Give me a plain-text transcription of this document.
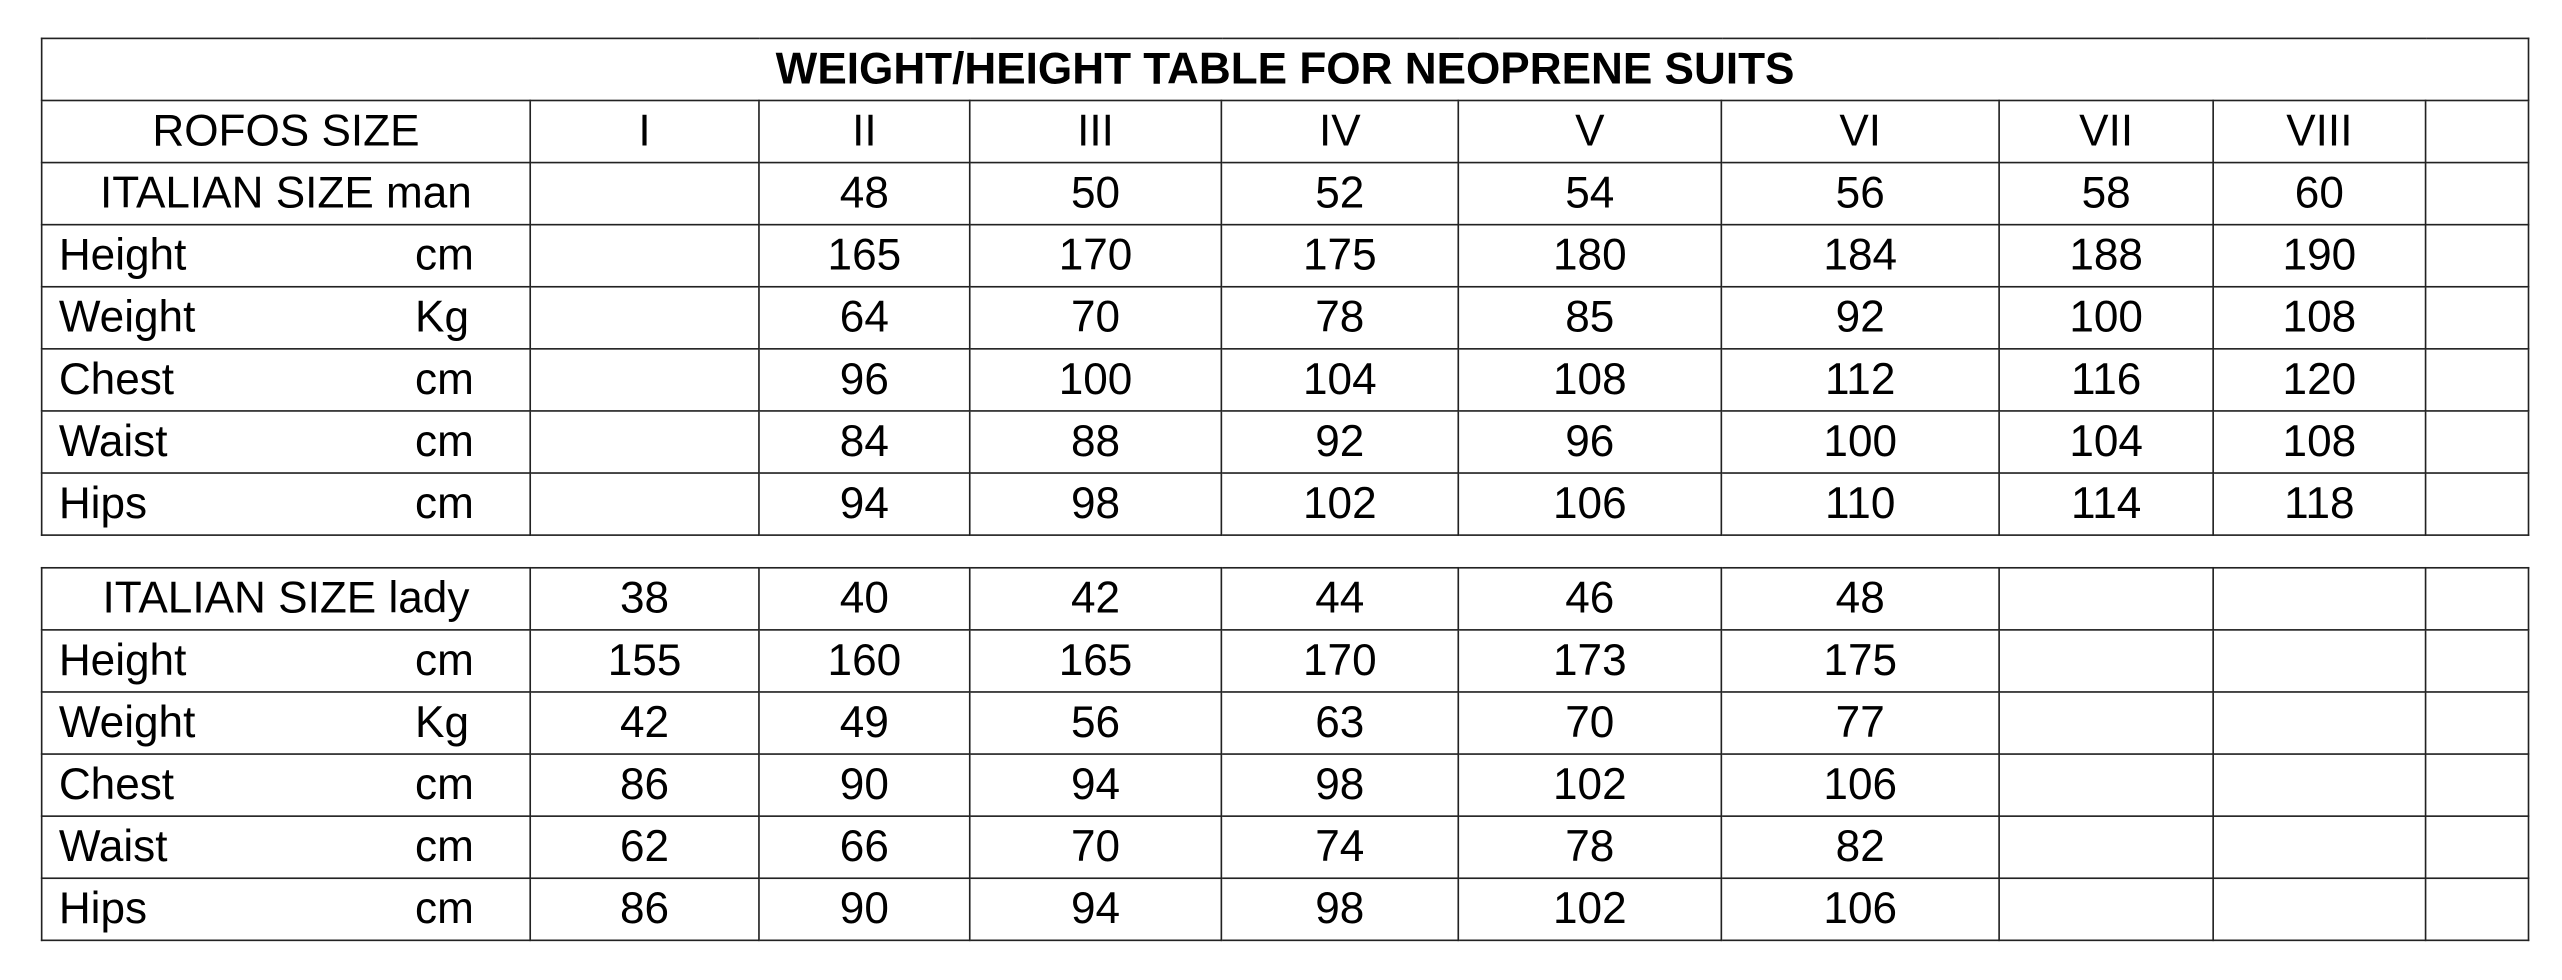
WEIGHT/HEIGHT TABLE FOR NEOPRENE SUITS									
ROFOS SIZE	I	II	III	IV	V	VI	VII	VIII	
ITALIAN SIZE man		48	50	52	54	56	58	60	

Height cm		165	170	175	180	184	188	190	

Weight Kg		64	70	78	85	92	100	108	

Chest cm		96	100	104	108	112	116	120	

Waist cm		84	88	92	96	100	104	108	

Hips cm		94	98	102	106	110	114	118	
ITALIAN SIZE lady	38	40	42	44	46	48			

Height cm	155	160	165	170	173	175			

Weight Kg	42	49	56	63	70	77			

Chest cm	86	90	94	98	102	106			

Waist cm	62	66	70	74	78	82			

Hips cm	86	90	94	98	102	106			
